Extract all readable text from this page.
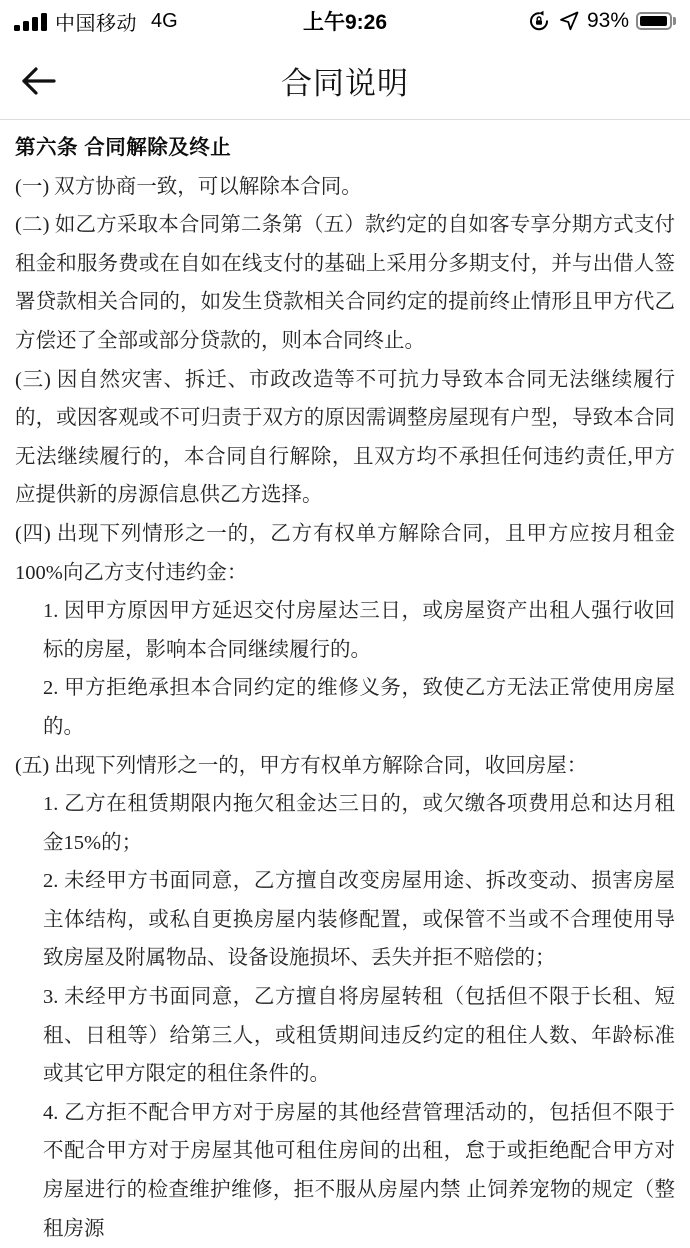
中国移动 4G	上午9:26	93%
合同说明

第六条 合同解除及终止

(一) 双方协商一致，可以解除本合同。

(二) 如乙方采取本合同第二条第（五）款约定的自如客专享分期方式支付租金和服务费或在自如在线支付的基础上采用分多期支付，并与出借人签署贷款相关合同的，如发生贷款相关合同约定的提前终止情形且甲方代乙方偿还了全部或部分贷款的，则本合同终止。

(三) 因自然灾害、拆迁、市政改造等不可抗力导致本合同无法继续履行的，或因客观或不可归责于双方的原因需调整房屋现有户型，导致本合同无法继续履行的，本合同自行解除，且双方均不承担任何违约责任,甲方应提供新的房源信息供乙方选择。

(四) 出现下列情形之一的，乙方有权单方解除合同，且甲方应按月租金100%向乙方支付违约金：

1. 因甲方原因甲方延迟交付房屋达三日，或房屋资产出租人强行收回标的房屋，影响本合同继续履行的。

2. 甲方拒绝承担本合同约定的维修义务，致使乙方无法正常使用房屋的。

(五) 出现下列情形之一的，甲方有权单方解除合同，收回房屋：

1. 乙方在租赁期限内拖欠租金达三日的，或欠缴各项费用总和达月租金15%的；

2. 未经甲方书面同意，乙方擅自改变房屋用途、拆改变动、损害房屋主体结构，或私自更换房屋内装修配置，或保管不当或不合理使用导致房屋及附属物品、设备设施损坏、丢失并拒不赔偿的；

3. 未经甲方书面同意，乙方擅自将房屋转租（包括但不限于长租、短租、日租等）给第三人，或租赁期间违反约定的租住人数、年龄标准或其它甲方限定的租住条件的。

4. 乙方拒不配合甲方对于房屋的其他经营管理活动的，包括但不限于不配合甲方对于房屋其他可租住房间的出租，怠于或拒绝配合甲方对房屋进行的检查维护维修，拒不服从房屋内禁 止饲养宠物的规定（整租房源
